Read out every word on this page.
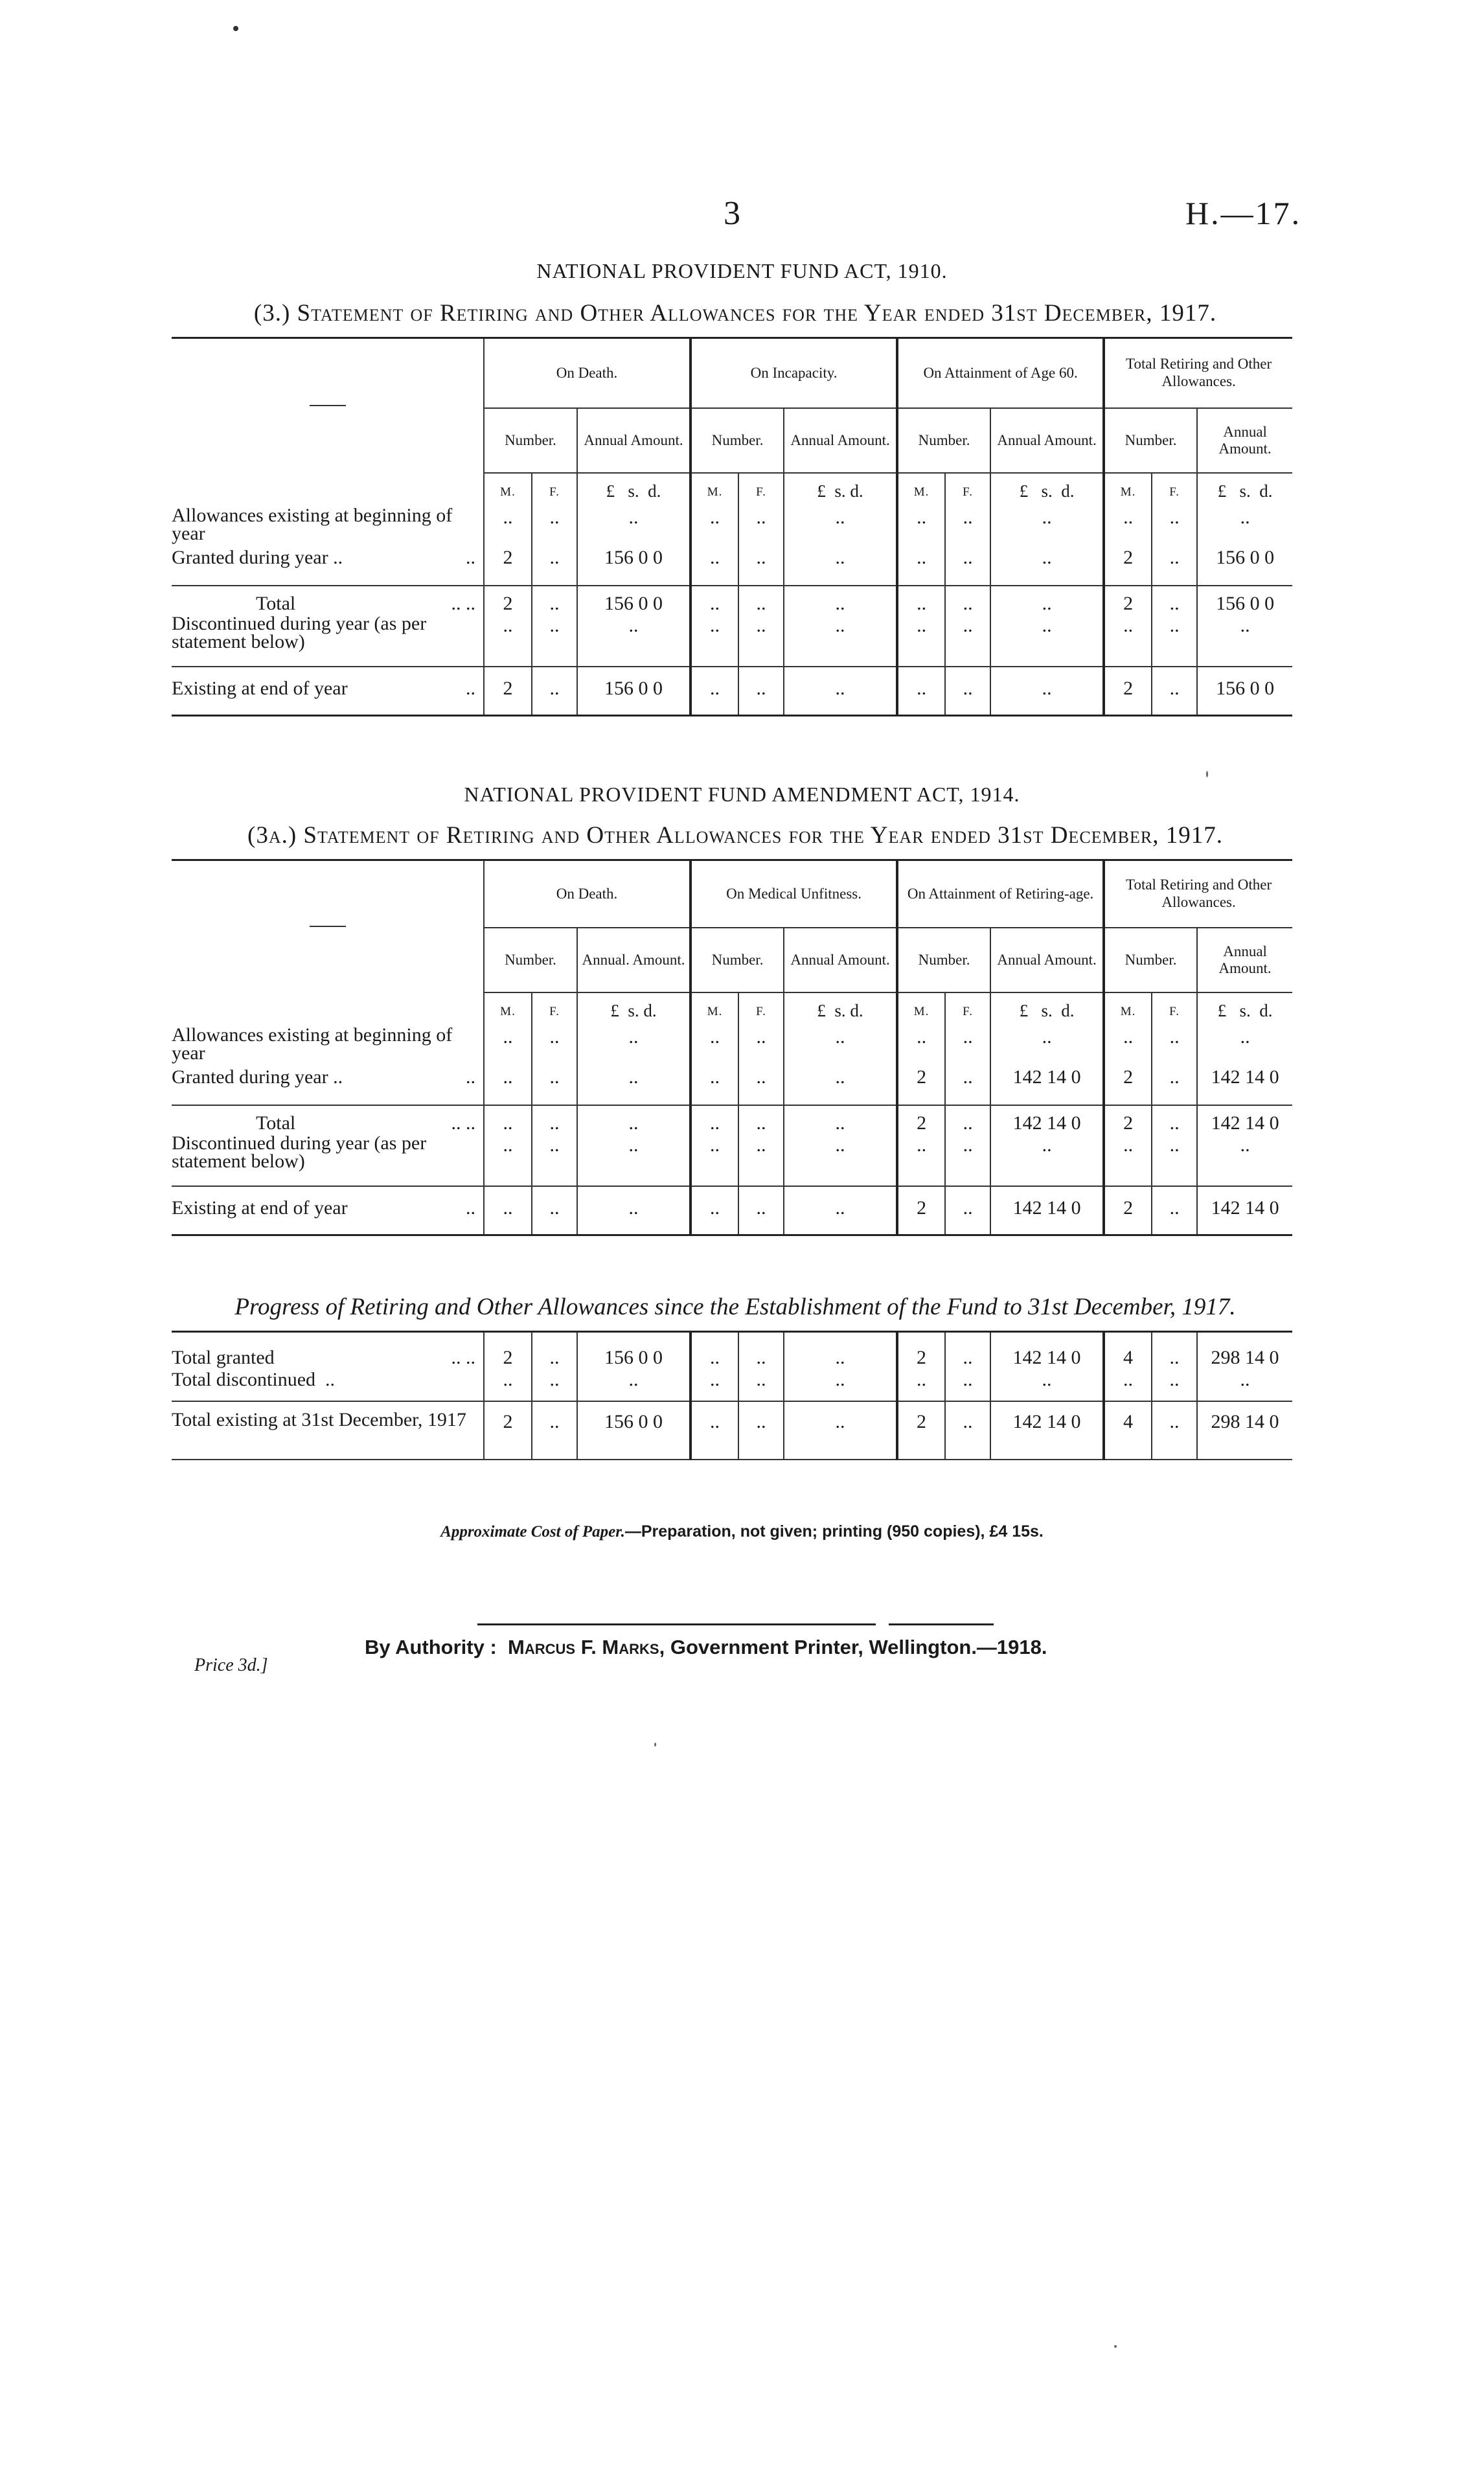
3	H.—17.
NATIONAL PROVIDENT FUND ACT, 1910.
(3.) Statement of Retiring and Other Allowances for the Year ended 31st December, 1917.
	On Death.			On Incapacity.			On Attainment of Age 60.			Total Retiring and Other Allowances.		
	Number.		Annual Amount.	Number.		Annual Amount.	Number.		Annual Amount.	Number.		Annual Amount.
	M.	F.	£ s. d.	M.	F.	£ s. d.	M.	F.	£ s. d.	M.	F.	£ s. d.
Allowances existing at beginning of year	..	..	..	..	..	..	..	..	..	..	..	..
Granted during year .. ..	2	..	156 0 0	..	..	..	..	..	..	2	..	156 0 0
Total .. ..	2	..	156 0 0	..	..	..	..	..	..	2	..	156 0 0
Discontinued during year (as per statement below)	..	..	..	..	..	..	..	..	..	..	..	..
Existing at end of year ..	2	..	156 0 0	..	..	..	..	..	..	2	..	156 0 0
NATIONAL PROVIDENT FUND AMENDMENT ACT, 1914.
(3a.) Statement of Retiring and Other Allowances for the Year ended 31st December, 1917.
	On Death.			On Medical Unfitness.			On Attainment of Retiring-age.			Total Retiring and Other Allowances.		
	Number.		Annual. Amount.	Number.		Annual Amount.	Number.		Annual Amount.	Number.		Annual Amount.
	M.	F.	£ s. d.	M.	F.	£ s. d.	M.	F.	£ s. d.	M.	F.	£ s. d.
Allowances existing at beginning of year	..	..	..	..	..	..	..	..	..	..	..	..
Granted during year .. ..	..	..	..	..	..	..	2	..	142 14 0	2	..	142 14 0
Total .. ..	..	..	..	..	..	..	2	..	142 14 0	2	..	142 14 0
Discontinued during year (as per statement below)	..	..	..	..	..	..	..	..	..	..	..	..
Existing at end of year ..	..	..	..	..	..	..	2	..	142 14 0	2	..	142 14 0
Progress of Retiring and Other Allowances since the Establishment of the Fund to 31st December, 1917.
Total granted .. ..	2	..	156 0 0	..	..	..	2	..	142 14 0	4	..	298 14 0
Total discontinued ..	..	..	..	..	..	..	..	..	..	..	..	..
Total existing at 31st December, 1917	2	..	156 0 0	..	..	..	2	..	142 14 0	4	..	298 14 0
Approximate Cost of Paper.—Preparation, not given; printing (950 copies), £4 15s.
By Authority : Marcus F. Marks, Government Printer, Wellington.—1918.
Price 3d.]
